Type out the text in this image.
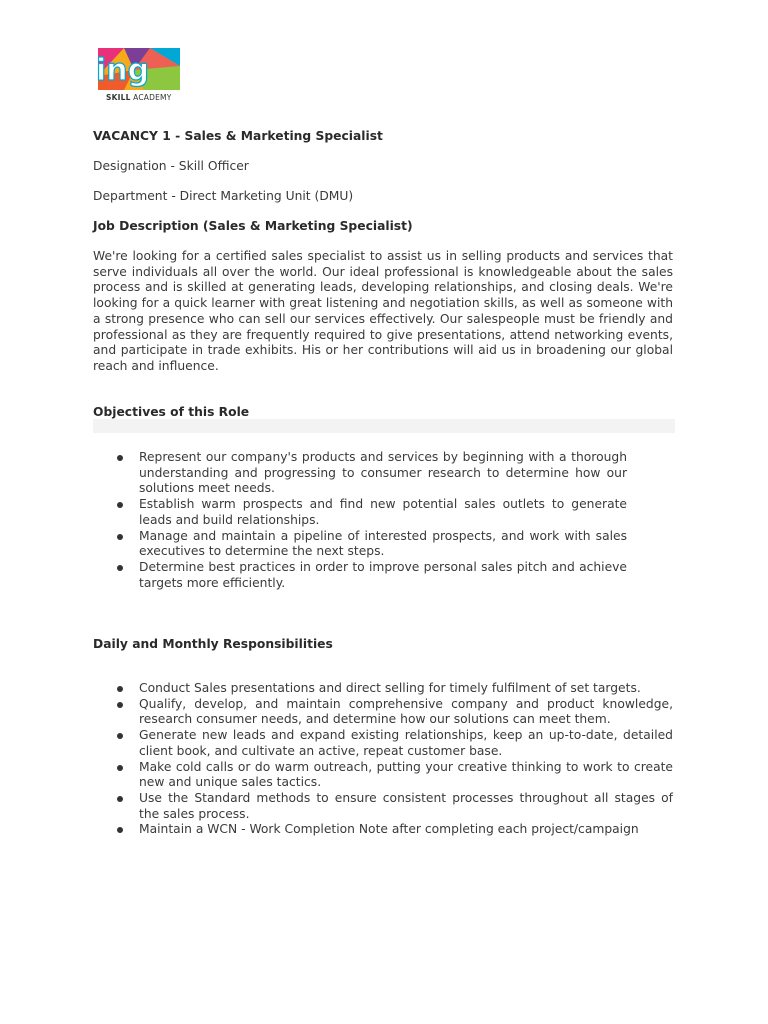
ing
SKILL ACADEMY

VACANCY 1 - Sales & Marketing Specialist

Designation - Skill Officer

Department - Direct Marketing Unit (DMU)

Job Description (Sales & Marketing Specialist)

We're looking for a certified sales specialist to assist us in selling products and services that serve individuals all over the world. Our ideal professional is knowledgeable about the sales process and is skilled at generating leads, developing relationships, and closing deals. We're looking for a quick learner with great listening and negotiation skills, as well as someone with a strong presence who can sell our services effectively. Our salespeople must be friendly and professional as they are frequently required to give presentations, attend networking events, and participate in trade exhibits. His or her contributions will aid us in broadening our global reach and influence.

Objectives of this Role

Represent our company's products and services by beginning with a thorough understanding and progressing to consumer research to determine how our solutions meet needs.
Establish warm prospects and find new potential sales outlets to generate leads and build relationships.
Manage and maintain a pipeline of interested prospects, and work with sales executives to determine the next steps.
Determine best practices in order to improve personal sales pitch and achieve targets more efficiently.

Daily and Monthly Responsibilities

Conduct Sales presentations and direct selling for timely fulfilment of set targets.
Qualify, develop, and maintain comprehensive company and product knowledge, research consumer needs, and determine how our solutions can meet them.
Generate new leads and expand existing relationships, keep an up-to-date, detailed client book, and cultivate an active, repeat customer base.
Make cold calls or do warm outreach, putting your creative thinking to work to create new and unique sales tactics.
Use the Standard methods to ensure consistent processes throughout all stages of the sales process.
Maintain a WCN - Work Completion Note after completing each project/campaign
